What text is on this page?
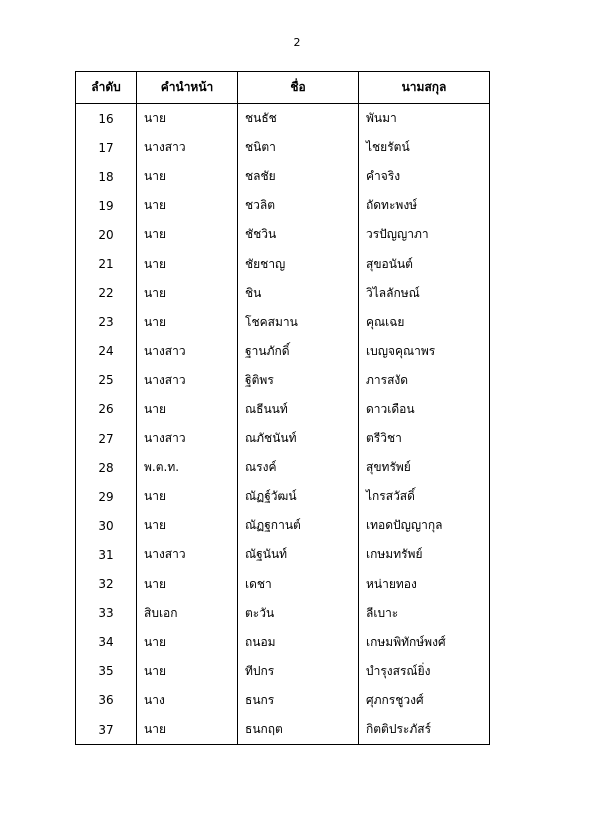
2
ลำดับ	คำนำหน้า	ชื่อ	นามสกุล
16	นาย	ชนธัช	พันมา
17	นางสาว	ชนิตา	ไชยรัตน์
18	นาย	ชลชัย	คำจริง
19	นาย	ชวลิต	ถัดทะพงษ์
20	นาย	ชัชวิน	วรปัญญาภา
21	นาย	ชัยชาญ	สุขอนันต์
22	นาย	ชิน	วิไลลักษณ์
23	นาย	โชคสมาน	คุณเฉย
24	นางสาว	ฐานภักดิ์	เบญจคุณาพร
25	นางสาว	ฐิติพร	ภารสงัด
26	นาย	ณธีนนท์	ดาวเดือน
27	นางสาว	ณภัชนันท์	ตรีวิชา
28	พ.ต.ท.	ณรงค์	สุขทรัพย์
29	นาย	ณัฏฐ์วัฒน์	ไกรสวัสดิ์
30	นาย	ณัฏฐกานต์	เทอดปัญญากุล
31	นางสาว	ณัฐนันท์	เกษมทรัพย์
32	นาย	เดชา	หน่ายทอง
33	สิบเอก	ตะวัน	ลีเบาะ
34	นาย	ถนอม	เกษมพิทักษ์พงศ์
35	นาย	ทีปกร	บำรุงสรณ์ยิ่ง
36	นาง	ธนกร	ศุภกรชูวงศ์
37	นาย	ธนกฤต	กิตติประภัสร์
